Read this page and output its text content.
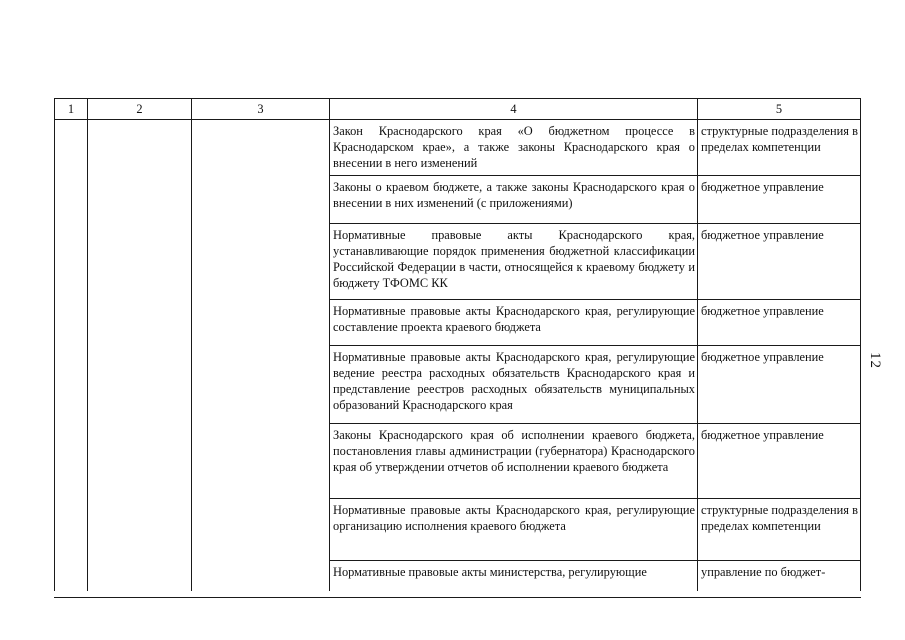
1	2	3	4	5
			Закон Краснодарского края «О бюджетном процессе в Краснодарском крае», а также законы Краснодарского края о внесении в него изменений	структурные подразделения в пределах компетенции
			Законы о краевом бюджете, а также законы Краснодарского края о внесении в них изменений (с приложениями)	бюджетное управление
			Нормативные правовые акты Краснодарского края, устанавливающие порядок применения бюджетной классификации Российской Федерации в части, относящейся к краевому бюджету и бюджету ТФОМС КК	бюджетное управление
			Нормативные правовые акты Краснодарского края, регулирующие составление проекта краевого бюджета	бюджетное управление
			Нормативные правовые акты Краснодарского края, регулирующие ведение реестра расходных обязательств Краснодарского края и представление реестров расходных обязательств муниципальных образований Краснодарского края	бюджетное управление
			Законы Краснодарского края об исполнении краевого бюджета, постановления главы администрации (губернатора) Краснодарского края об утверждении отчетов об исполнении краевого бюджета	бюджетное управление
			Нормативные правовые акты Краснодарского края, регулирующие организацию исполнения краевого бюджета	структурные подразделения в пределах компетенции
			Нормативные правовые акты министерства, регулирующие	управление по бюджет-
12
